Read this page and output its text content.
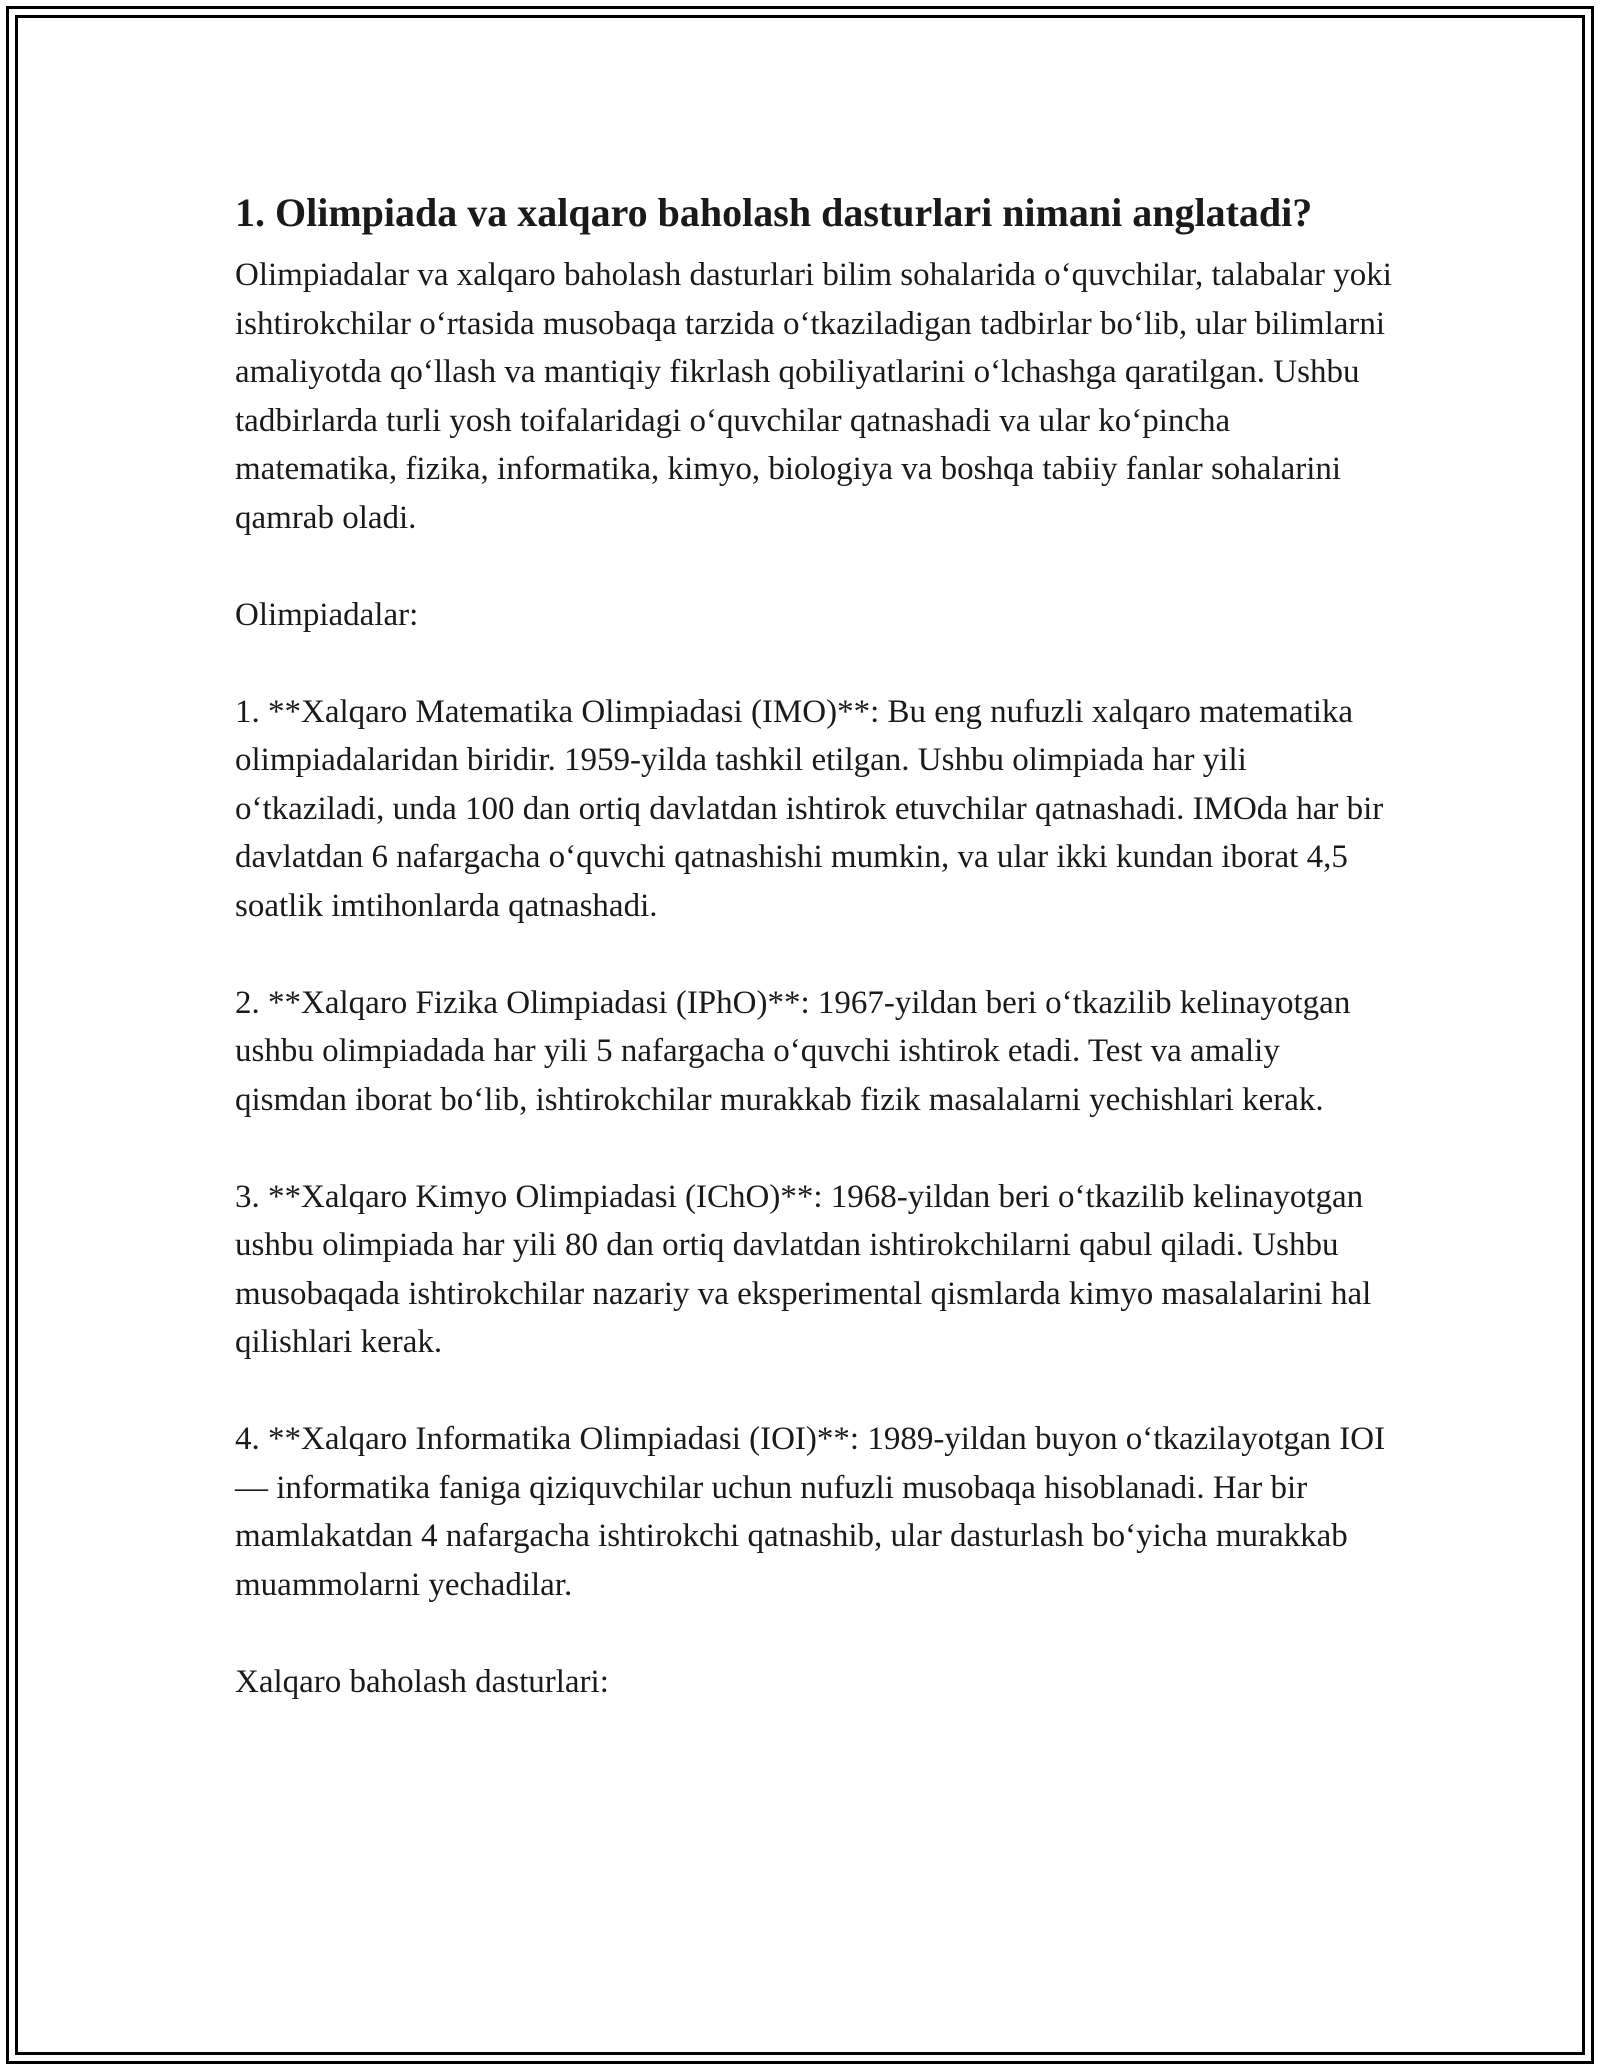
1. Olimpiada va xalqaro baholash dasturlari nimani anglatadi?

Olimpiadalar va xalqaro baholash dasturlari bilim sohalarida o‘quvchilar, talabalar yoki ishtirokchilar o‘rtasida musobaqa tarzida o‘tkaziladigan tadbirlar bo‘lib, ular bilimlarni amaliyotda qo‘llash va mantiqiy fikrlash qobiliyatlarini o‘lchashga qaratilgan. Ushbu tadbirlarda turli yosh toifalaridagi o‘quvchilar qatnashadi va ular ko‘pincha matematika, fizika, informatika, kimyo, biologiya va boshqa tabiiy fanlar sohalarini qamrab oladi.

Olimpiadalar:

1. **Xalqaro Matematika Olimpiadasi (IMO)**: Bu eng nufuzli xalqaro matematika olimpiadalaridan biridir. 1959-yilda tashkil etilgan. Ushbu olimpiada har yili o‘tkaziladi, unda 100 dan ortiq davlatdan ishtirok etuvchilar qatnashadi. IMOda har bir davlatdan 6 nafargacha o‘quvchi qatnashishi mumkin, va ular ikki kundan iborat 4,5 soatlik imtihonlarda qatnashadi.

2. **Xalqaro Fizika Olimpiadasi (IPhO)**: 1967-yildan beri o‘tkazilib kelinayotgan ushbu olimpiadada har yili 5 nafargacha o‘quvchi ishtirok etadi. Test va amaliy qismdan iborat bo‘lib, ishtirokchilar murakkab fizik masalalarni yechishlari kerak.

3. **Xalqaro Kimyo Olimpiadasi (IChO)**: 1968-yildan beri o‘tkazilib kelinayotgan ushbu olimpiada har yili 80 dan ortiq davlatdan ishtirokchilarni qabul qiladi. Ushbu musobaqada ishtirokchilar nazariy va eksperimental qismlarda kimyo masalalarini hal qilishlari kerak.

4. **Xalqaro Informatika Olimpiadasi (IOI)**: 1989-yildan buyon o‘tkazilayotgan IOI — informatika faniga qiziquvchilar uchun nufuzli musobaqa hisoblanadi. Har bir mamlakatdan 4 nafargacha ishtirokchi qatnashib, ular dasturlash bo‘yicha murakkab muammolarni yechadilar.

Xalqaro baholash dasturlari:
